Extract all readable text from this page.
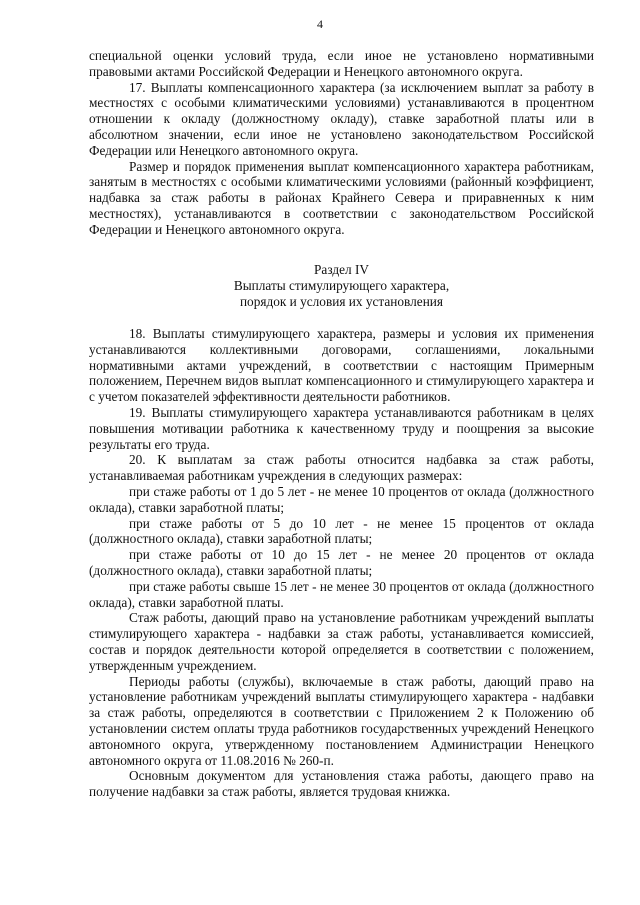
4

специальной оценки условий труда, если иное не установлено нормативными правовыми актами Российской Федерации и Ненецкого автономного округа.

17. Выплаты компенсационного характера (за исключением выплат за работу в местностях с особыми климатическими условиями) устанавливаются в процентном отношении к окладу (должностному окладу), ставке заработной платы или в абсолютном значении, если иное не установлено законодательством Российской Федерации или Ненецкого автономного округа.

Размер и порядок применения выплат компенсационного характера работникам, занятым в местностях с особыми климатическими условиями (районный коэффициент, надбавка за стаж работы в районах Крайнего Севера и приравненных к ним местностях), устанавливаются в соответствии с законодательством Российской Федерации и Ненецкого автономного округа.

Раздел IV
Выплаты стимулирующего характера,
порядок и условия их установления

18. Выплаты стимулирующего характера, размеры и условия их применения устанавливаются коллективными договорами, соглашениями, локальными нормативными актами учреждений, в соответствии с настоящим Примерным положением, Перечнем видов выплат компенсационного и стимулирующего характера и с учетом показателей эффективности деятельности работников.

19. Выплаты стимулирующего характера устанавливаются работникам в целях повышения мотивации работника к качественному труду и поощрения за высокие результаты его труда.

20. К выплатам за стаж работы относится надбавка за стаж работы, устанавливаемая работникам учреждения в следующих размерах:

при стаже работы от 1 до 5 лет - не менее 10 процентов от оклада (должностного оклада), ставки заработной платы;

при стаже работы от 5 до 10 лет - не менее 15 процентов от оклада (должностного оклада), ставки заработной платы;

при стаже работы от 10 до 15 лет - не менее 20 процентов от оклада (должностного оклада), ставки заработной платы;

при стаже работы свыше 15 лет - не менее 30 процентов от оклада (должностного оклада), ставки заработной платы.

Стаж работы, дающий право на установление работникам учреждений выплаты стимулирующего характера - надбавки за стаж работы, устанавливается комиссией, состав и порядок деятельности которой определяется в соответствии с положением, утвержденным учреждением.

Периоды работы (службы), включаемые в стаж работы, дающий право на установление работникам учреждений выплаты стимулирующего характера - надбавки за стаж работы, определяются в соответствии с Приложением 2 к Положению об установлении систем оплаты труда работников государственных учреждений Ненецкого автономного округа, утвержденному постановлением Администрации Ненецкого автономного округа от 11.08.2016 № 260-п.

Основным документом для установления стажа работы, дающего право на получение надбавки за стаж работы, является трудовая книжка.
